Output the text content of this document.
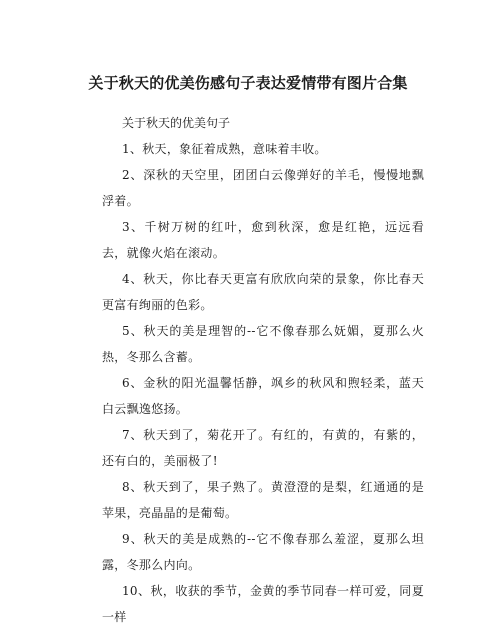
关于秋天的优美伤感句子表达爱情带有图片合集

关于秋天的优美句子

1、秋天，象征着成熟，意味着丰收。

2、深秋的天空里，团团白云像弹好的羊毛，慢慢地飘浮着。

3、千树万树的红叶，愈到秋深，愈是红艳，远远看去，就像火焰在滚动。

4、秋天，你比春天更富有欣欣向荣的景象，你比春天更富有绚丽的色彩。

5、秋天的美是理智的--它不像春那么妩媚，夏那么火热，冬那么含蓄。

6、金秋的阳光温馨恬静，飒乡的秋风和煦轻柔，蓝天白云飘逸悠扬。

7、秋天到了，菊花开了。有红的，有黄的，有紫的，还有白的，美丽极了!

8、秋天到了，果子熟了。黄澄澄的是梨，红通通的是苹果，亮晶晶的是葡萄。

9、秋天的美是成熟的--它不像春那么羞涩，夏那么坦露，冬那么内向。

10、秋，收获的季节，金黄的季节同春一样可爱，同夏一样
